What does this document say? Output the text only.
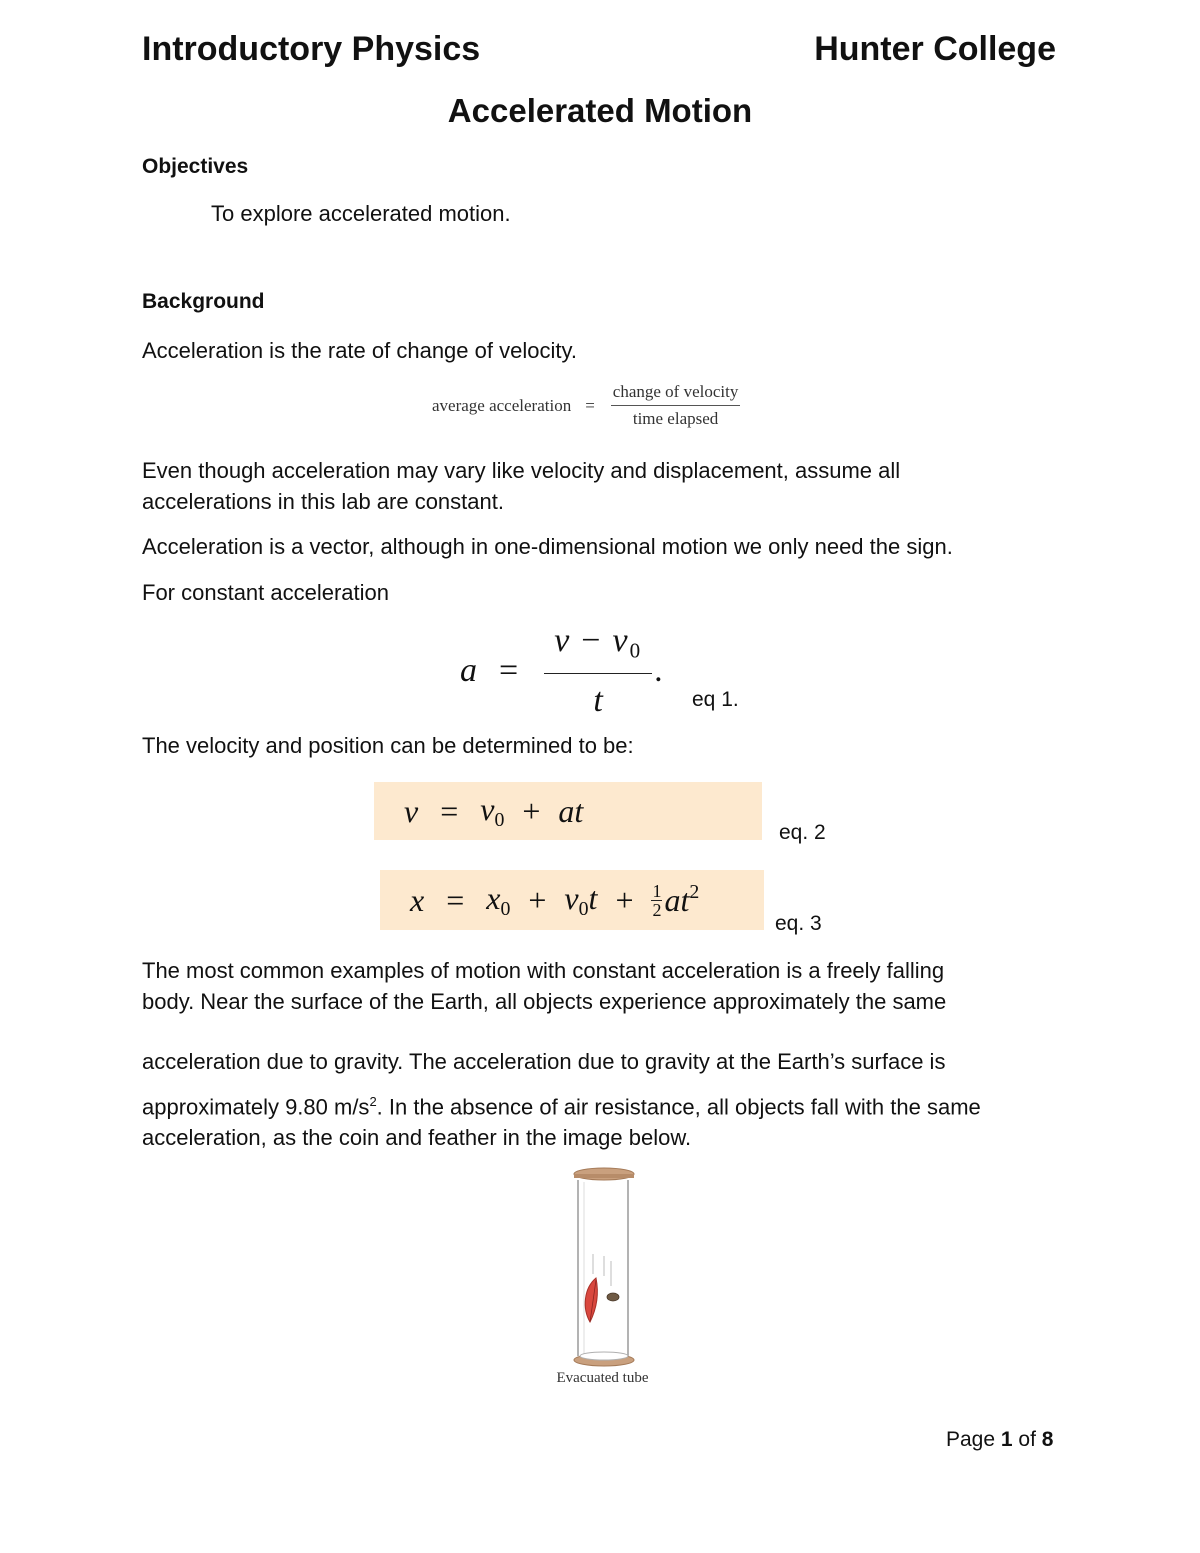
Introductory Physics	Hunter College
Accelerated Motion
Objectives
To explore accelerated motion.
Background
Acceleration is the rate of change of velocity.
average acceleration = $\frac{\text{change of velocity}}{\text{time elapsed}}$
Even though acceleration may vary like velocity and displacement, assume all
accelerations in this lab are constant.
Acceleration is a vector, although in one-dimensional motion we only need the sign.
For constant acceleration
$a = \frac{v - v_0}{t}$ .
eq 1.
The velocity and position can be determined to be:
$v = v_0$ + at
eq. 2
$x = x_0 + v_0t + \frac{1}{2} at^2$
eq. 3
The most common examples of motion with constant acceleration is a freely falling
body. Near the surface of the Earth, all objects experience approximately the same
acceleration due to gravity. The acceleration due to gravity at the Earth’s surface is
approximately 9.80 $m/s^2$. In the absence of air resistance, all objects fall with the same
acceleration, as the coin and feather in the image below.
Evacuated tube
Page 1 of 8
